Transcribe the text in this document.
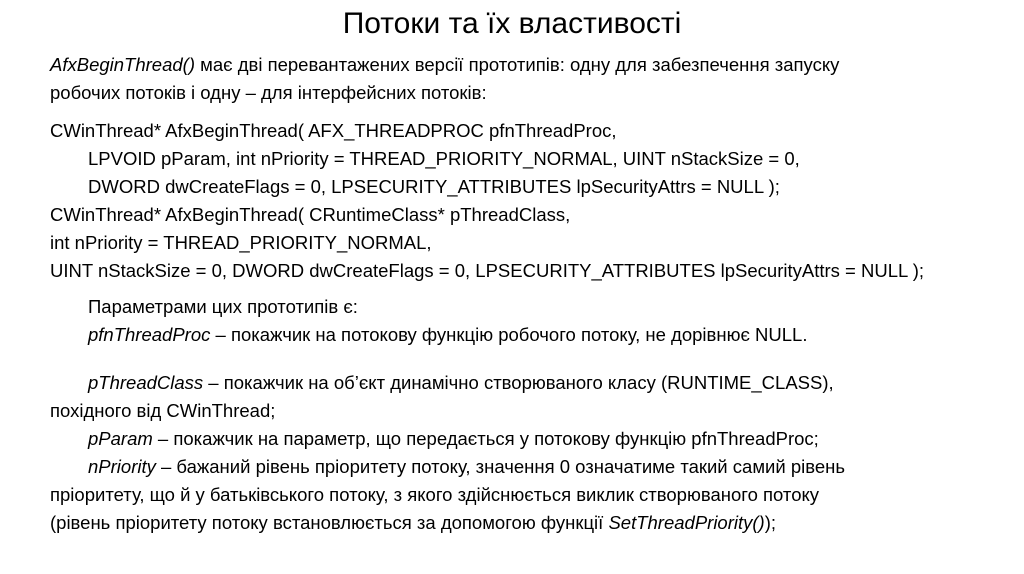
Потоки та їх властивості
AfxBeginThread() має дві перевантажених версії прототипів: одну для забезпечення запуску
робочих потоків і одну – для інтерфейсних потоків:
CWinThread* AfxBeginThread( AFX_THREADPROC pfnThreadProc,
LPVOID pParam, int nPriority = THREAD_PRIORITY_NORMAL, UINT nStackSize = 0,
DWORD dwCreateFlags = 0, LPSECURITY_ATTRIBUTES lpSecurityAttrs = NULL );
CWinThread* AfxBeginThread( CRuntimeClass* pThreadClass,
int nPriority = THREAD_PRIORITY_NORMAL,
UINT nStackSize = 0, DWORD dwCreateFlags = 0, LPSECURITY_ATTRIBUTES lpSecurityAttrs = NULL );
Параметрами цих прототипів є:
pfnThreadProc – покажчик на потокову функцію робочого потоку, не дорівнює NULL.
pThreadClass – покажчик на об’єкт динамічно створюваного класу (RUNTIME_CLASS),
похідного від CWinThread;
pParam – покажчик на параметр, що передається у потокову функцію pfnThreadProc;
nPriority – бажаний рівень пріоритету потоку, значення 0 означатиме такий самий рівень
пріоритету, що й у батьківського потоку, з якого здійснюється виклик створюваного потоку
(рівень пріоритету потоку встановлюється за допомогою функції SetThreadPriority());
